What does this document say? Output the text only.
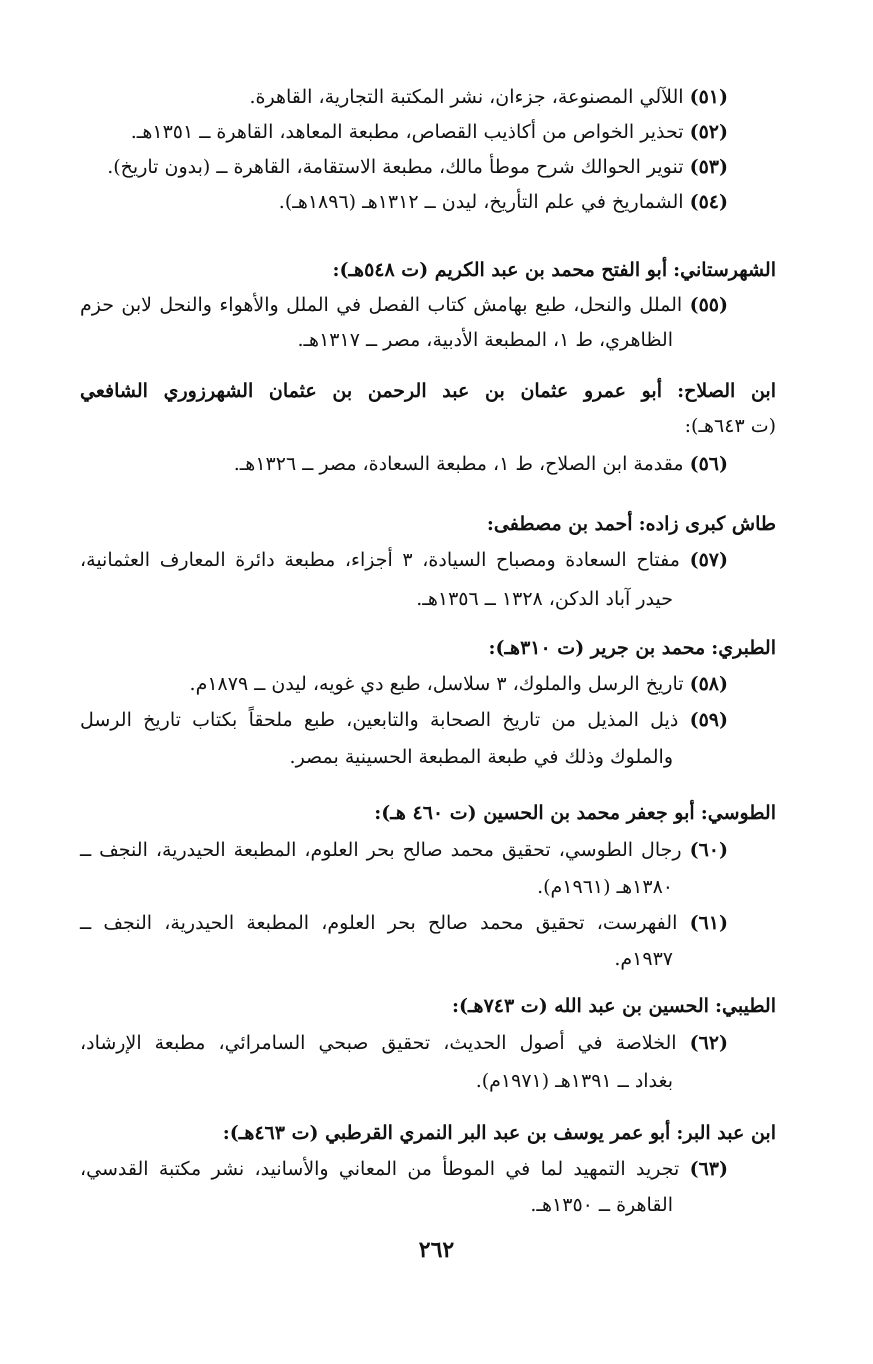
(٥١) اللآلي المصنوعة، جزءان، نشر المكتبة التجارية، القاهرة.
(٥٢) تحذير الخواص من أكاذيب القصاص، مطبعة المعاهد، القاهرة ــ ١٣٥١هـ.
(٥٣) تنوير الحوالك شرح موطأ مالك، مطبعة الاستقامة، القاهرة ــ (بدون تاريخ).
(٥٤) الشماريخ في علم التأريخ، ليدن ــ ١٣١٢هـ (١٨٩٦هـ).
الشهرستاني: أبو الفتح محمد بن عبد الكريم (ت ٥٤٨هـ):
(٥٥) الملل والنحل، طبع بهامش كتاب الفصل في الملل والأهواء والنحل لابن حزم
الظاهري، ط ١، المطبعة الأدبية، مصر ــ ١٣١٧هـ.
ابن الصلاح: أبو عمرو عثمان بن عبد الرحمن بن عثمان الشهرزوري الشافعي
(ت ٦٤٣هـ):
(٥٦) مقدمة ابن الصلاح، ط ١، مطبعة السعادة، مصر ــ ١٣٢٦هـ.
طاش كبرى زاده: أحمد بن مصطفى:
(٥٧) مفتاح السعادة ومصباح السيادة، ٣ أجزاء، مطبعة دائرة المعارف العثمانية،
حيدر آباد الدكن، ١٣٢٨ ــ ١٣٥٦هـ.
الطبري: محمد بن جرير (ت ٣١٠هـ):
(٥٨) تاريخ الرسل والملوك، ٣ سلاسل، طبع دي غويه، ليدن ــ ١٨٧٩م.
(٥٩) ذيل المذيل من تاريخ الصحابة والتابعين، طبع ملحقاً بكتاب تاريخ الرسل
والملوك وذلك في طبعة المطبعة الحسينية بمصر.
الطوسي: أبو جعفر محمد بن الحسين (ت ٤٦٠ هـ):
(٦٠) رجال الطوسي، تحقيق محمد صالح بحر العلوم، المطبعة الحيدرية، النجف ــ
١٣٨٠هـ (١٩٦١م).
(٦١) الفهرست، تحقيق محمد صالح بحر العلوم، المطبعة الحيدرية، النجف ــ
١٩٣٧م.
الطيبي: الحسين بن عبد الله (ت ٧٤٣هـ):
(٦٢) الخلاصة في أصول الحديث، تحقيق صبحي السامرائي، مطبعة الإرشاد،
بغداد ــ ١٣٩١هـ (١٩٧١م).
ابن عبد البر: أبو عمر يوسف بن عبد البر النمري القرطبي (ت ٤٦٣هـ):
(٦٣) تجريد التمهيد لما في الموطأ من المعاني والأسانيد، نشر مكتبة القدسي،
القاهرة ــ ١٣٥٠هـ.
٢٦٢
